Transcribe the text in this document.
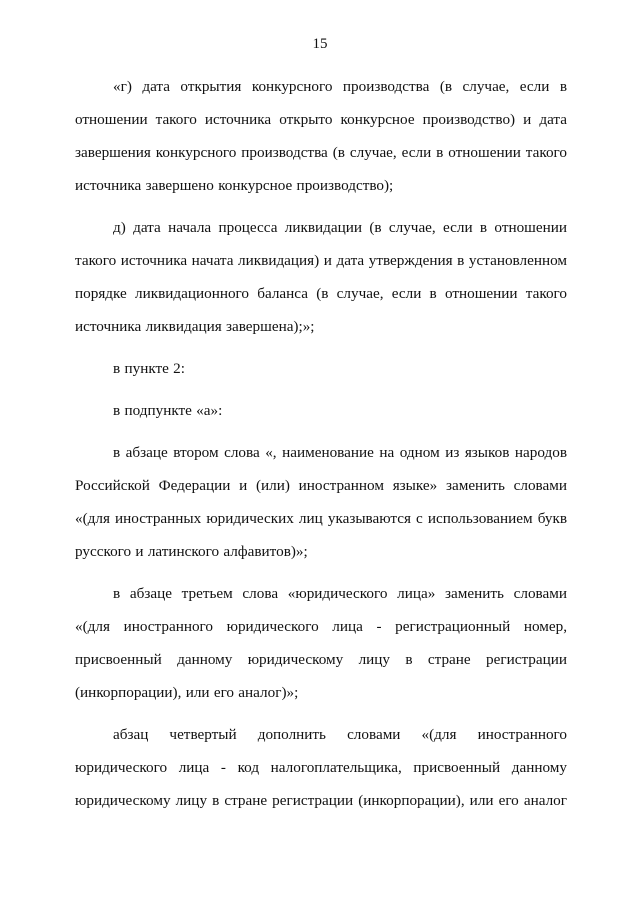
15

«г) дата открытия конкурсного производства (в случае, если в отношении такого источника открыто конкурсное производство) и дата завершения конкурсного производства (в случае, если в отношении такого источника завершено конкурсное производство);

д) дата начала процесса ликвидации (в случае, если в отношении такого источника начата ликвидация) и дата утверждения в установленном порядке ликвидационного баланса (в случае, если в отношении такого источника ликвидация завершена);»;

в пункте 2:

в подпункте «а»:

в абзаце втором слова «, наименование на одном из языков народов Российской Федерации и (или) иностранном языке» заменить словами «(для иностранных юридических лиц указываются с использованием букв русского и латинского алфавитов)»;

в абзаце третьем слова «юридического лица» заменить словами «(для иностранного юридического лица - регистрационный номер, присвоенный данному юридическому лицу в стране регистрации (инкорпорации), или его аналог)»;

абзац четвертый дополнить словами «(для иностранного юридического лица - код налогоплательщика, присвоенный данному юридическому лицу в стране регистрации (инкорпорации), или его аналог
